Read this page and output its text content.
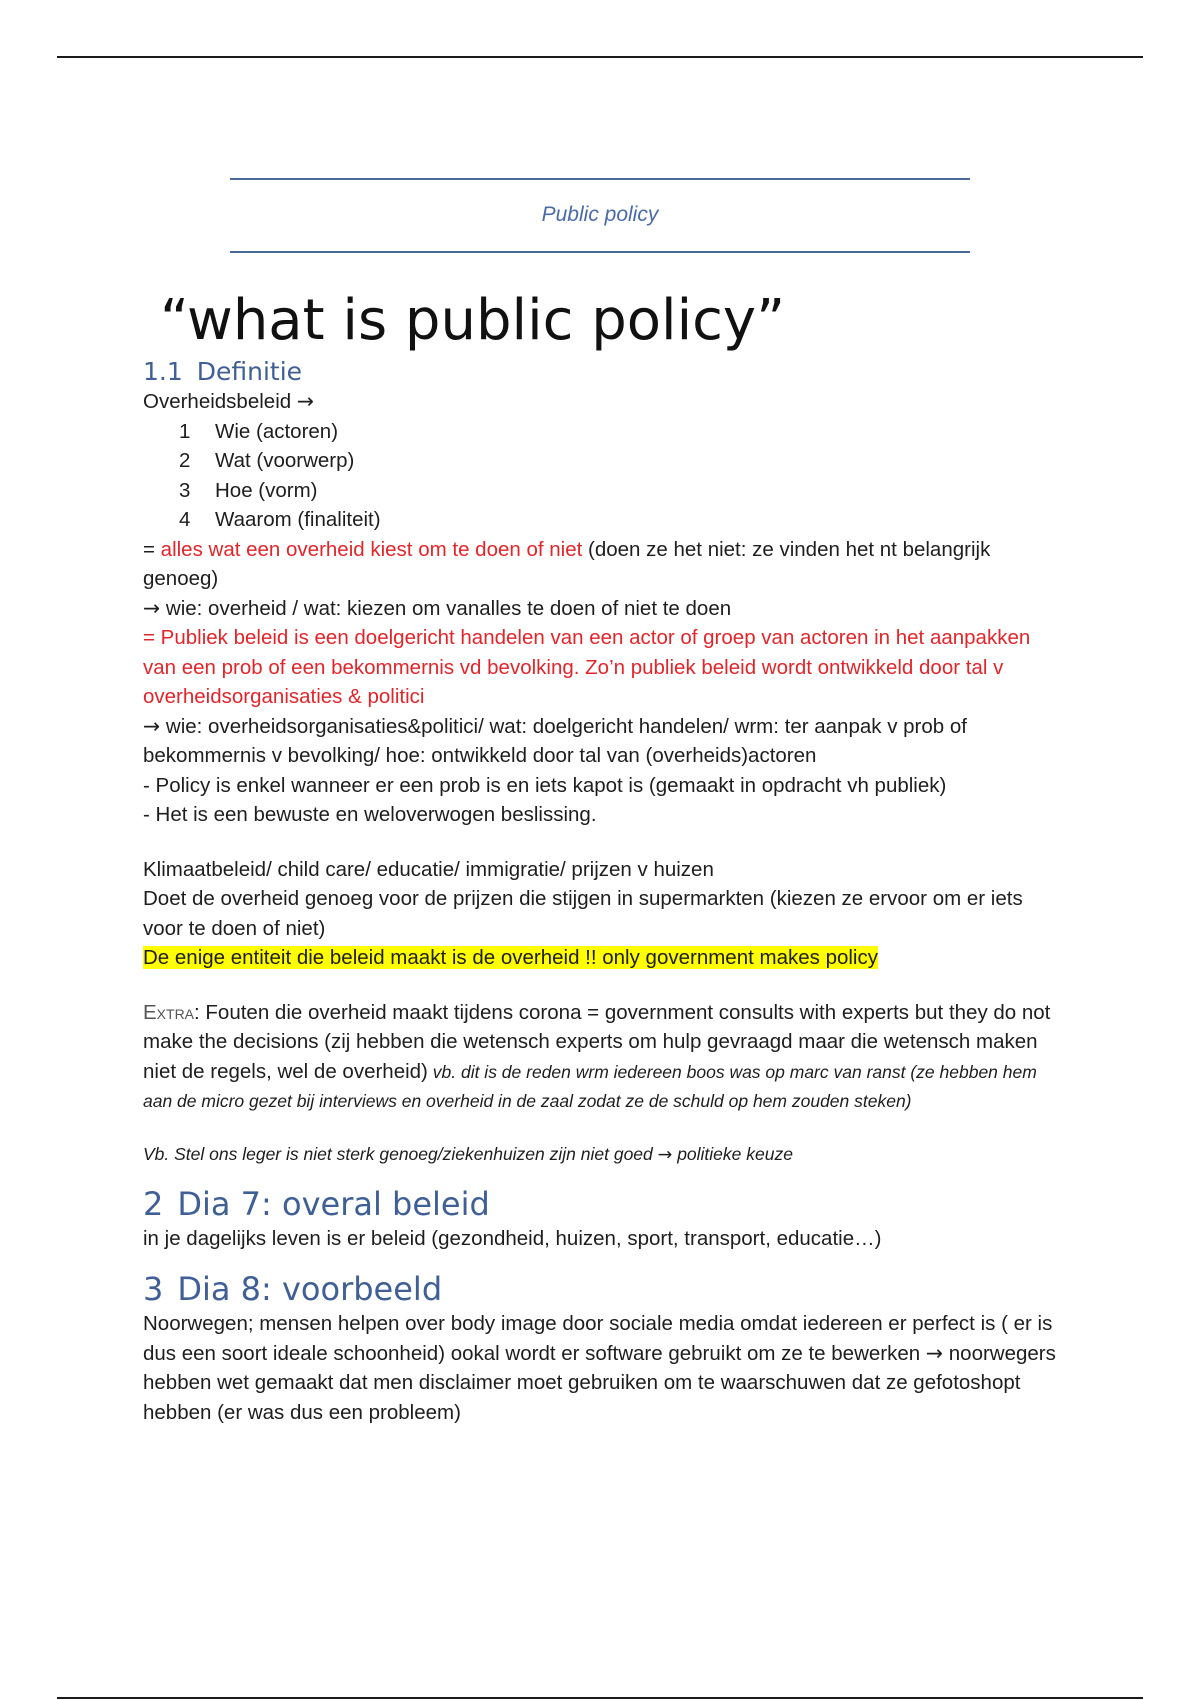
Public policy
“what is public policy”
1.1 Definitie

Overheidsbeleid →

1 Wie (actoren)
2 Wat (voorwerp)
3 Hoe (vorm)
4 Waarom (finaliteit)

= alles wat een overheid kiest om te doen of niet (doen ze het niet: ze vinden het nt belangrijk genoeg)

→ wie: overheid / wat: kiezen om vanalles te doen of niet te doen

= Publiek beleid is een doelgericht handelen van een actor of groep van actoren in het aanpakken van een prob of een bekommernis vd bevolking. Zo’n publiek beleid wordt ontwikkeld door tal v overheidsorganisaties & politici

→ wie: overheidsorganisaties&politici/ wat: doelgericht handelen/ wrm: ter aanpak v prob of bekommernis v bevolking/ hoe: ontwikkeld door tal van (overheids)actoren

- Policy is enkel wanneer er een prob is en iets kapot is (gemaakt in opdracht vh publiek)

- Het is een bewuste en weloverwogen beslissing.

Klimaatbeleid/ child care/ educatie/ immigratie/ prijzen v huizen

Doet de overheid genoeg voor de prijzen die stijgen in supermarkten (kiezen ze ervoor om er iets voor te doen of niet)

De enige entiteit die beleid maakt is de overheid !! only government makes policy

Extra: Fouten die overheid maakt tijdens corona = government consults with experts but they do not make the decisions (zij hebben die wetensch experts om hulp gevraagd maar die wetensch maken niet de regels, wel de overheid) vb. dit is de reden wrm iedereen boos was op marc van ranst (ze hebben hem aan de micro gezet bij interviews en overheid in de zaal zodat ze de schuld op hem zouden steken)

Vb. Stel ons leger is niet sterk genoeg/ziekenhuizen zijn niet goed → politieke keuze

2 Dia 7: overal beleid

in je dagelijks leven is er beleid (gezondheid, huizen, sport, transport, educatie…)

3 Dia 8: voorbeeld

Noorwegen; mensen helpen over body image door sociale media omdat iedereen er perfect is ( er is dus een soort ideale schoonheid) ookal wordt er software gebruikt om ze te bewerken → noorwegers hebben wet gemaakt dat men disclaimer moet gebruiken om te waarschuwen dat ze gefotoshopt hebben (er was dus een probleem)
